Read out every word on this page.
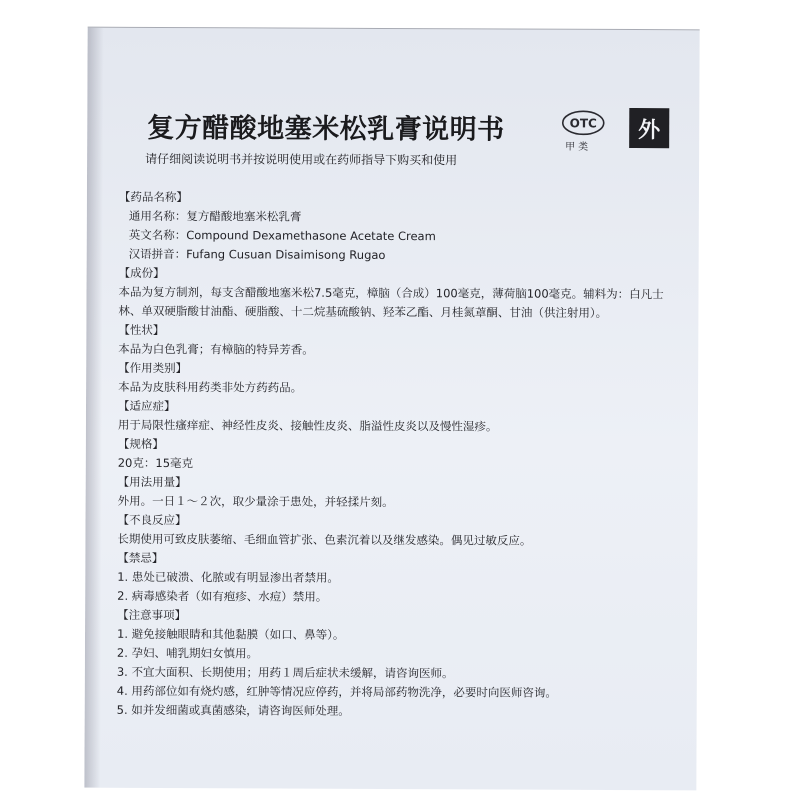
复方醋酸地塞米松乳膏说明书	OTC
甲类
外
请仔细阅读说明书并按说明使用或在药师指导下购买和使用
【药品名称】
通用名称：复方醋酸地塞米松乳膏
英文名称：Compound Dexamethasone Acetate Cream
汉语拼音：Fufang Cusuan Disaimisong Rugao
【成份】
本品为复方制剂，每支含醋酸地塞米松7.5毫克，樟脑（合成）100毫克，薄荷脑100毫克。辅料为：白凡士林、单双硬脂酸甘油酯、硬脂酸、十二烷基硫酸钠、羟苯乙酯、月桂氮䓬酮、甘油（供注射用）。
【性状】
本品为白色乳膏；有樟脑的特异芳香。
【作用类别】
本品为皮肤科用药类非处方药药品。
【适应症】
用于局限性瘙痒症、神经性皮炎、接触性皮炎、脂溢性皮炎以及慢性湿疹。
【规格】
20克：15毫克
【用法用量】
外用。一日１～２次，取少量涂于患处，并轻揉片刻。
【不良反应】
长期使用可致皮肤萎缩、毛细血管扩张、色素沉着以及继发感染。偶见过敏反应。
【禁忌】
1. 患处已破溃、化脓或有明显渗出者禁用。
2. 病毒感染者（如有疱疹、水痘）禁用。
【注意事项】
1. 避免接触眼睛和其他黏膜（如口、鼻等）。
2. 孕妇、哺乳期妇女慎用。
3. 不宜大面积、长期使用；用药１周后症状未缓解，请咨询医师。
4. 用药部位如有烧灼感，红肿等情况应停药，并将局部药物洗净，必要时向医师咨询。
5. 如并发细菌或真菌感染，请咨询医师处理。
